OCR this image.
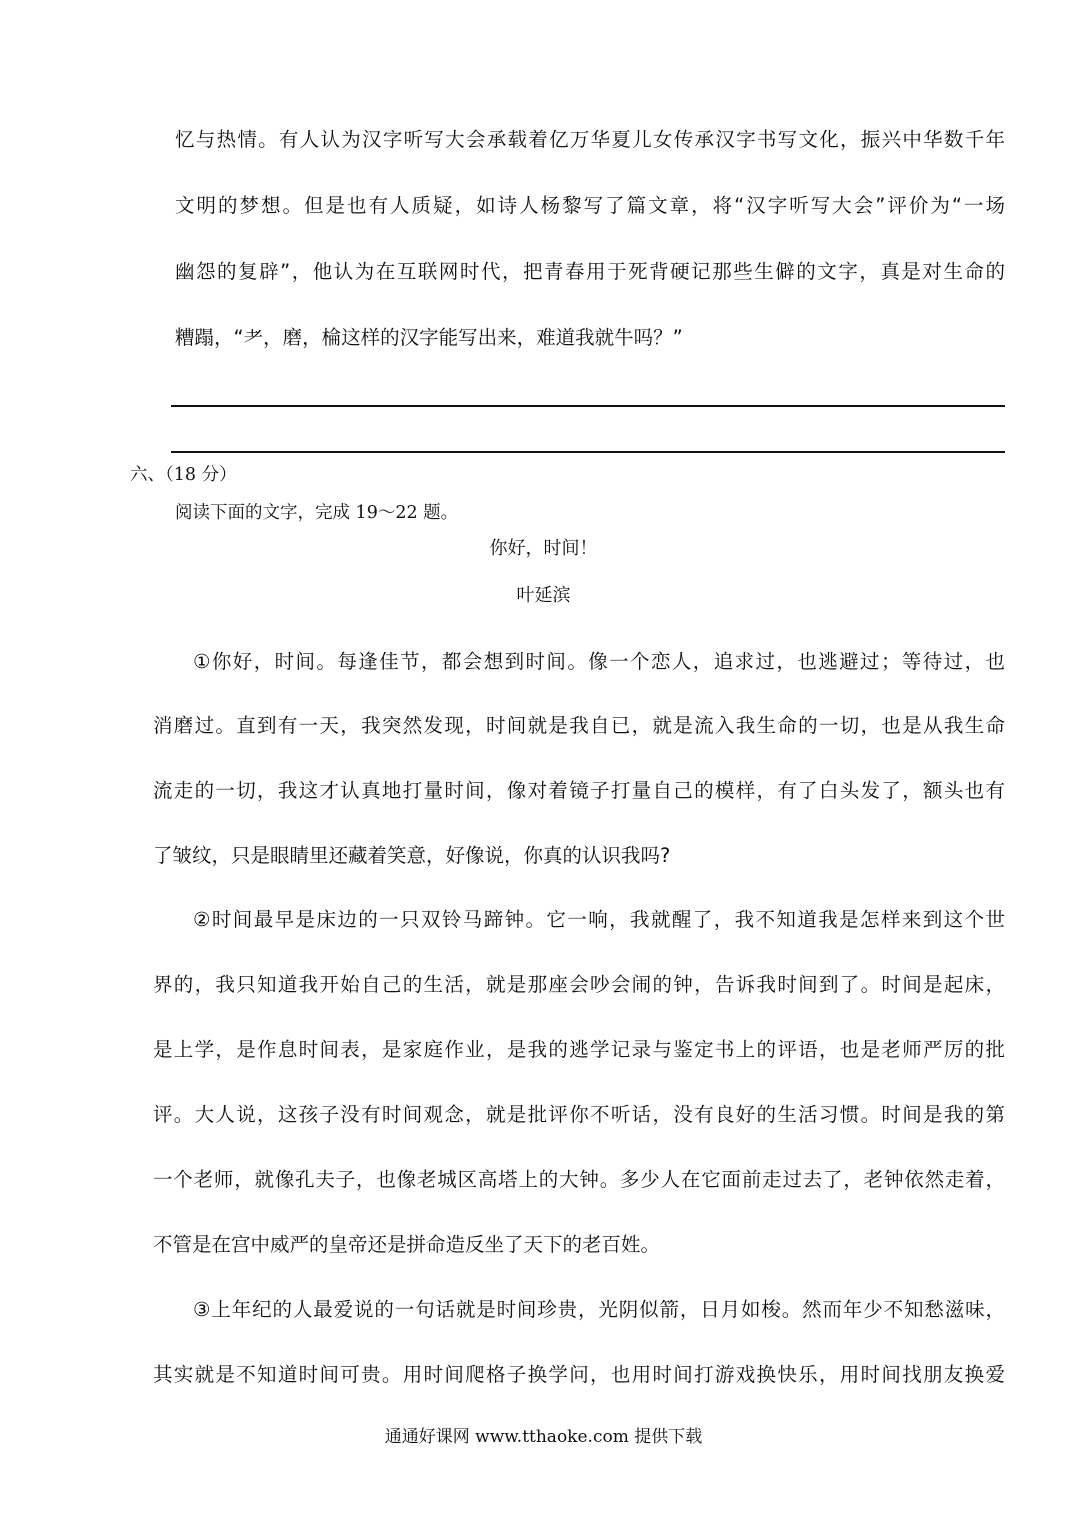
忆与热情。有人认为汉字听写大会承载着亿万华夏儿女传承汉字书写文化，振兴中华数千年
文明的梦想。但是也有人质疑，如诗人杨黎写了篇文章，将“汉字听写大会”评价为“一场
幽怨的复辟”，他认为在互联网时代，把青春用于死背硬记那些生僻的文字，真是对生命的
糟蹋，“耂，磨，棆这样的汉字能写出来，难道我就牛吗？”
六、（18 分）
阅读下面的文字，完成 19～22 题。
你好，时间！
叶延滨
①你好，时间。每逢佳节，都会想到时间。像一个恋人，追求过，也逃避过；等待过，也
消磨过。直到有一天，我突然发现，时间就是我自已，就是流入我生命的一切，也是从我生命
流走的一切，我这才认真地打量时间，像对着镜子打量自己的模样，有了白头发了，额头也有
了皱纹，只是眼睛里还藏着笑意，好像说，你真的认识我吗?
②时间最早是床边的一只双铃马蹄钟。它一响，我就醒了，我不知道我是怎样来到这个世
界的，我只知道我开始自己的生活，就是那座会吵会闹的钟，告诉我时间到了。时间是起床，
是上学，是作息时间表，是家庭作业，是我的逃学记录与鉴定书上的评语，也是老师严厉的批
评。大人说，这孩子没有时间观念，就是批评你不听话，没有良好的生活习惯。时间是我的第
一个老师，就像孔夫子，也像老城区高塔上的大钟。多少人在它面前走过去了，老钟依然走着，
不管是在宫中威严的皇帝还是拼命造反坐了天下的老百姓。
③上年纪的人最爱说的一句话就是时间珍贵，光阴似箭，日月如梭。然而年少不知愁滋味，
其实就是不知道时间可贵。用时间爬格子换学问，也用时间打游戏换快乐，用时间找朋友换爱
通通好课网 www.tthaoke.com 提供下载
